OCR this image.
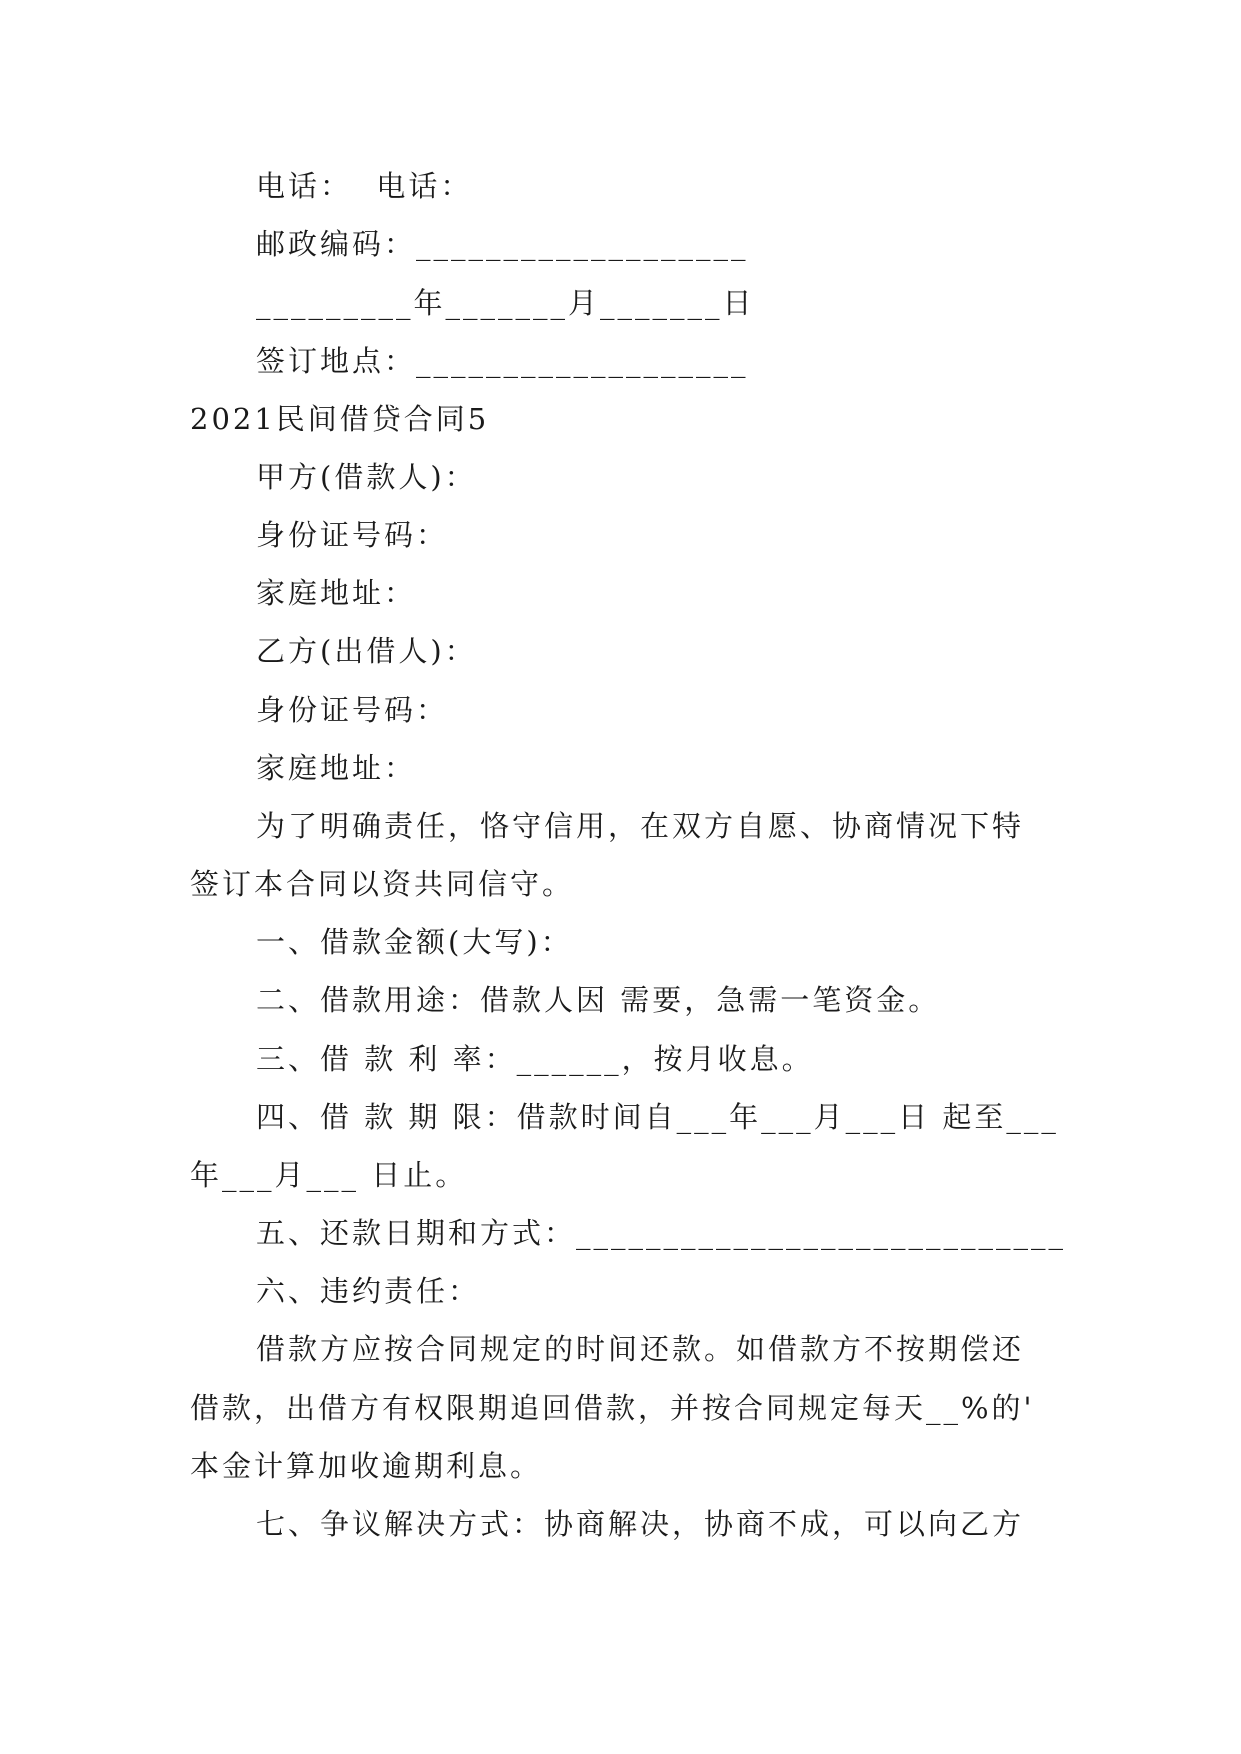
电话：  电话：
邮政编码：___________________
_________年_______月_______日
签订地点：___________________
2021民间借贷合同5
甲方(借款人)：
身份证号码：
家庭地址：
乙方(出借人)：
身份证号码：
家庭地址：
为了明确责任，恪守信用，在双方自愿、协商情况下特
签订本合同以资共同信守。
一、借款金额(大写)：
二、借款用途：借款人因 需要，急需一笔资金。
三、借 款 利 率：______，按月收息。
四、借 款 期 限：借款时间自___年___月___日 起至___
年___月___ 日止。
五、还款日期和方式：____________________________
六、违约责任：
借款方应按合同规定的时间还款。如借款方不按期偿还
借款，出借方有权限期追回借款，并按合同规定每天__%的'
本金计算加收逾期利息。
七、争议解决方式：协商解决，协商不成，可以向乙方
